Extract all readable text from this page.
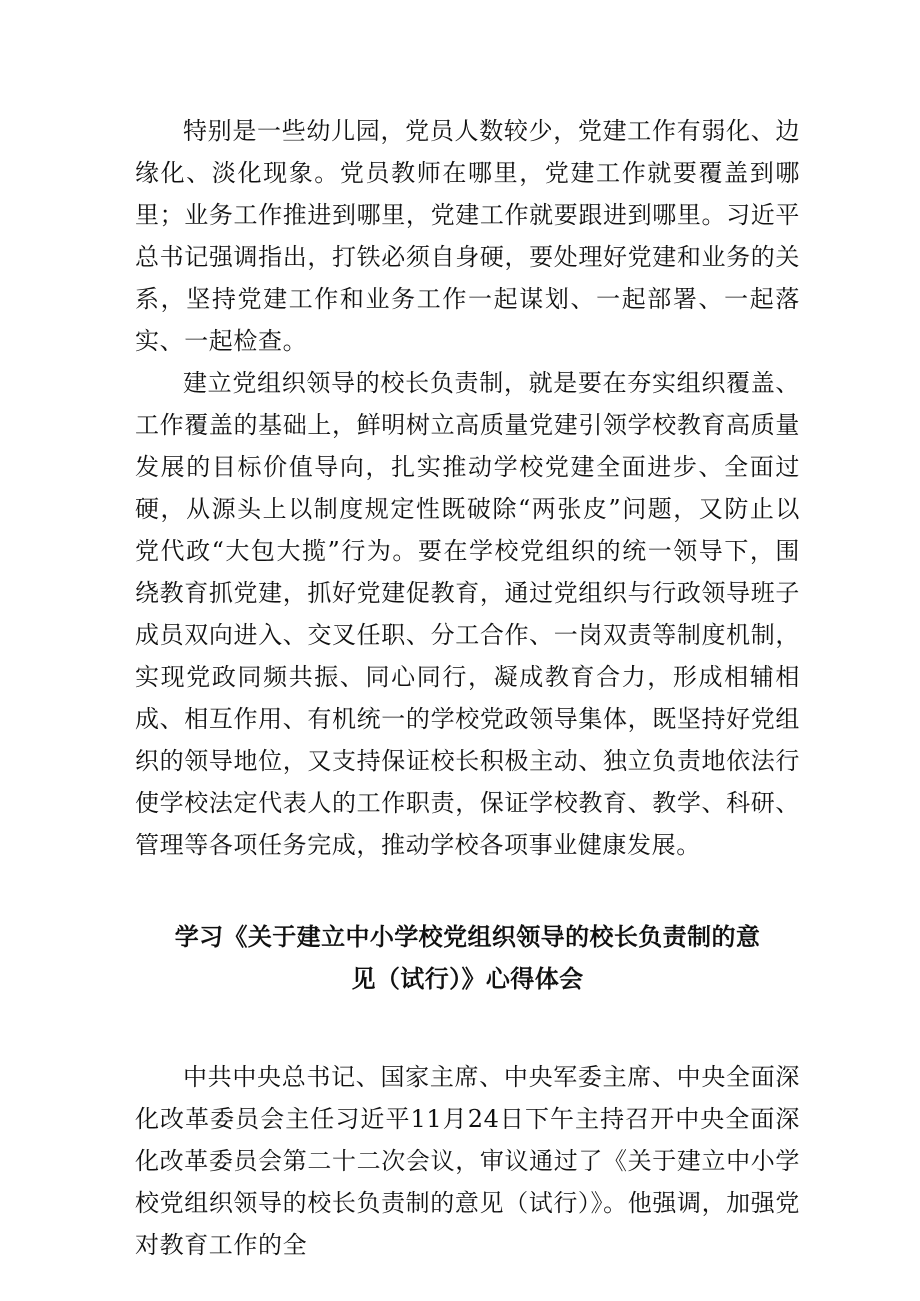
特别是一些幼儿园，党员人数较少，党建工作有弱化、边缘化、淡化现象。党员教师在哪里，党建工作就要覆盖到哪里；业务工作推进到哪里，党建工作就要跟进到哪里。习近平总书记强调指出，打铁必须自身硬，要处理好党建和业务的关系，坚持党建工作和业务工作一起谋划、一起部署、一起落实、一起检查。

建立党组织领导的校长负责制，就是要在夯实组织覆盖、工作覆盖的基础上，鲜明树立高质量党建引领学校教育高质量发展的目标价值导向，扎实推动学校党建全面进步、全面过硬，从源头上以制度规定性既破除“两张皮”问题，又防止以党代政“大包大揽”行为。要在学校党组织的统一领导下，围绕教育抓党建，抓好党建促教育，通过党组织与行政领导班子成员双向进入、交叉任职、分工合作、一岗双责等制度机制，实现党政同频共振、同心同行，凝成教育合力，形成相辅相成、相互作用、有机统一的学校党政领导集体，既坚持好党组织的领导地位，又支持保证校长积极主动、独立负责地依法行使学校法定代表人的工作职责，保证学校教育、教学、科研、管理等各项任务完成，推动学校各项事业健康发展。

学习《关于建立中小学校党组织领导的校长负责制的意
见（试行）》心得体会

中共中央总书记、国家主席、中央军委主席、中央全面深化改革委员会主任习近平11月24日下午主持召开中央全面深化改革委员会第二十二次会议，审议通过了《关于建立中小学校党组织领导的校长负责制的意见（试行）》。他强调，加强党对教育工作的全
